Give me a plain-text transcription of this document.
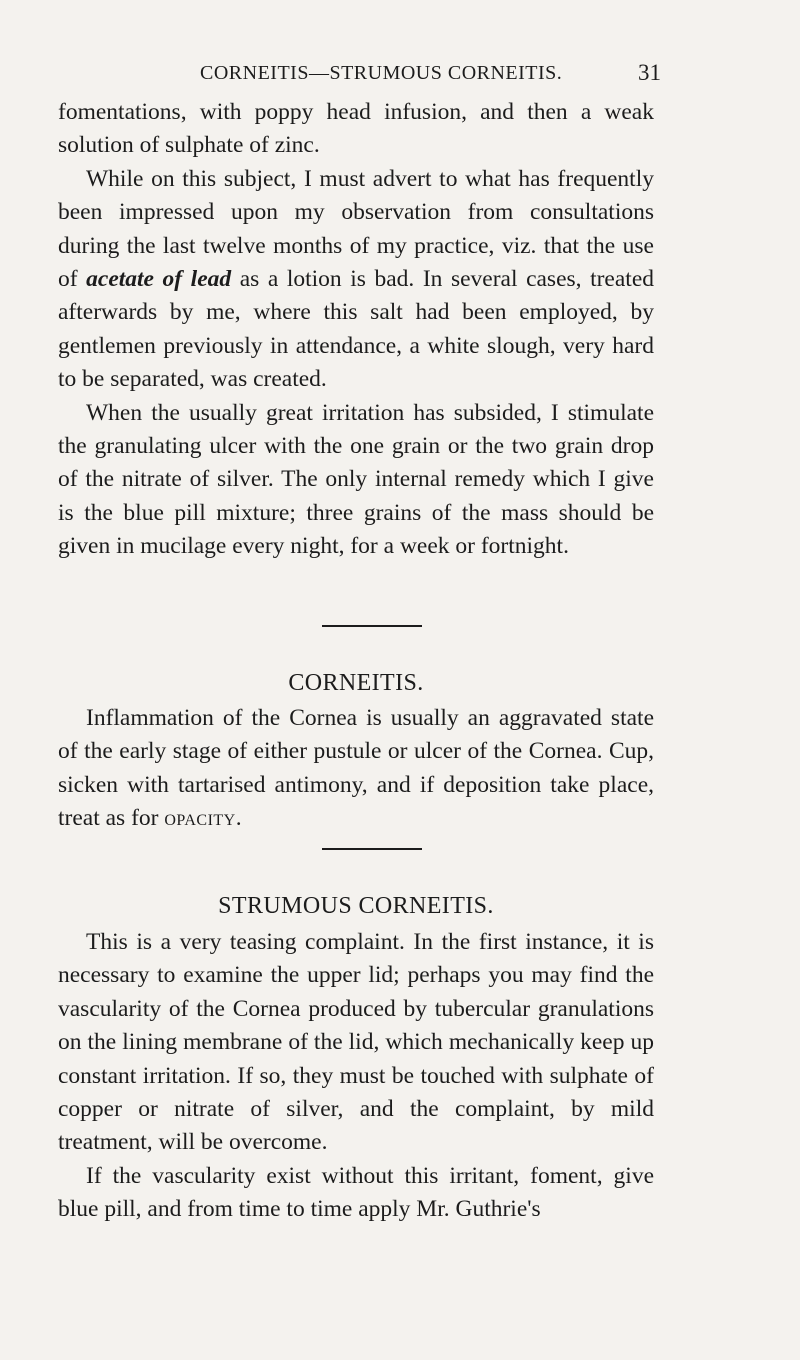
CORNEITIS—STRUMOUS CORNEITIS.	31

fomentations, with poppy head infusion, and then a weak solution of sulphate of zinc.

While on this subject, I must advert to what has frequently been impressed upon my observation from consultations during the last twelve months of my practice, viz. that the use of acetate of lead as a lotion is bad. In several cases, treated afterwards by me, where this salt had been employed, by gentlemen previously in attendance, a white slough, very hard to be separated, was created.

When the usually great irritation has subsided, I stimulate the granulating ulcer with the one grain or the two grain drop of the nitrate of silver. The only internal remedy which I give is the blue pill mixture; three grains of the mass should be given in mucilage every night, for a week or fortnight.

CORNEITIS.

Inflammation of the Cornea is usually an aggravated state of the early stage of either pustule or ulcer of the Cornea. Cup, sicken with tartarised antimony, and if deposition take place, treat as for opacity.

STRUMOUS CORNEITIS.

This is a very teasing complaint. In the first instance, it is necessary to examine the upper lid; perhaps you may find the vascularity of the Cornea produced by tubercular granulations on the lining membrane of the lid, which mechanically keep up constant irritation. If so, they must be touched with sulphate of copper or nitrate of silver, and the complaint, by mild treatment, will be overcome.

If the vascularity exist without this irritant, foment, give blue pill, and from time to time apply Mr. Guthrie's
